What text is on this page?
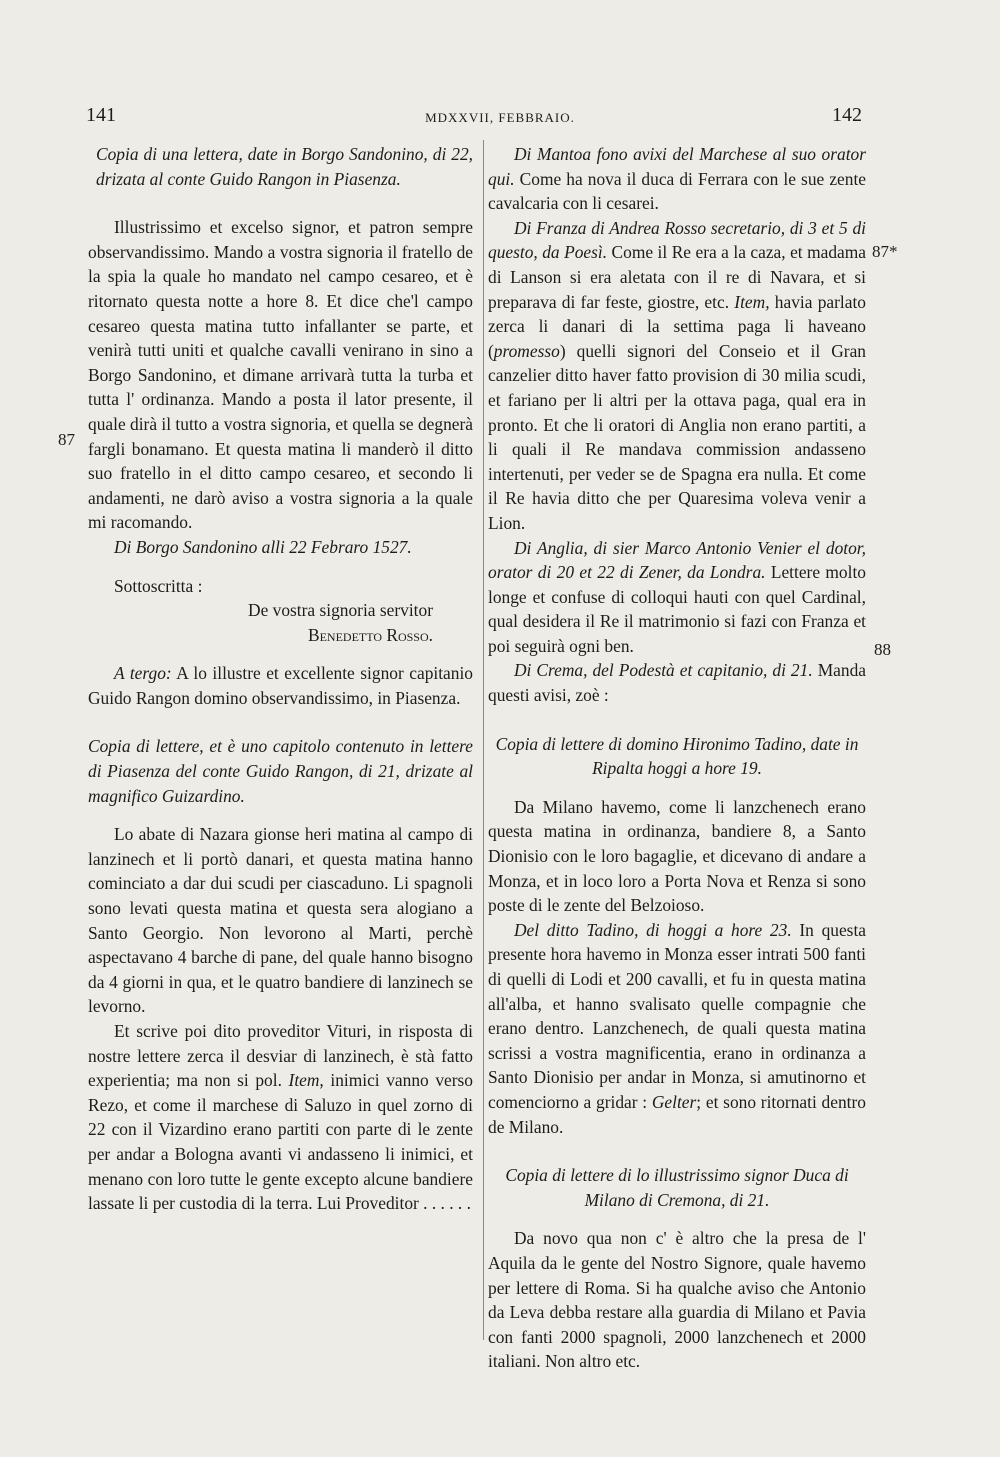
141	MDXXVII, FEBBRAIO.	142
87
87*
88

Copia di una lettera, date in Borgo Sandonino, di 22, drizata al conte Guido Rangon in Piasenza.

Illustrissimo et excelso signor, et patron sempre observandissimo. Mando a vostra signoria il fratello de la spia la quale ho mandato nel campo cesareo, et è ritornato questa notte a hore 8. Et dice che'l campo cesareo questa matina tutto infallanter se parte, et venirà tutti uniti et qualche cavalli venirano in sino a Borgo Sandonino, et dimane arrivarà tutta la turba et tutta l' ordinanza. Mando a posta il lator presente, il quale dirà il tutto a vostra signoria, et quella se degnerà fargli bonamano. Et questa matina li manderò il ditto suo fratello in el ditto campo cesareo, et secondo li andamenti, ne darò aviso a vostra signoria a la quale mi racomando.

Di Borgo Sandonino alli 22 Febraro 1527.

Sottoscritta :

De vostra signoria servitor

Benedetto Rosso.

A tergo: A lo illustre et excellente signor capitanio Guido Rangon domino observandissimo, in Piasenza.

Copia di lettere, et è uno capitolo contenuto in lettere di Piasenza del conte Guido Rangon, di 21, drizate al magnifico Guizardino.

Lo abate di Nazara gionse heri matina al campo di lanzinech et li portò danari, et questa matina hanno cominciato a dar dui scudi per ciascaduno. Li spagnoli sono levati questa matina et questa sera alogiano a Santo Georgio. Non levorono al Marti, perchè aspectavano 4 barche di pane, del quale hanno bisogno da 4 giorni in qua, et le quatro bandiere di lanzinech se levorno.

Et scrive poi dito proveditor Vituri, in risposta di nostre lettere zerca il desviar di lanzinech, è stà fatto experientia; ma non si pol. Item, inimici vanno verso Rezo, et come il marchese di Saluzo in quel zorno di 22 con il Vizardino erano partiti con parte di le zente per andar a Bologna avanti vi andasseno li inimici, et menano con loro tutte le gente excepto alcune bandiere lassate li per custodia di la terra. Lui Proveditor . . . . . .

Di Mantoa fono avixi del Marchese al suo orator qui. Come ha nova il duca di Ferrara con le sue zente cavalcaria con li cesarei.

Di Franza di Andrea Rosso secretario, di 3 et 5 di questo, da Poesì. Come il Re era a la caza, et madama di Lanson si era aletata con il re di Navara, et si preparava di far feste, giostre, etc. Item, havia parlato zerca li danari di la settima paga li haveano (promesso) quelli signori del Conseio et il Gran canzelier ditto haver fatto provision di 30 milia scudi, et fariano per li altri per la ottava paga, qual era in pronto. Et che li oratori di Anglia non erano partiti, a li quali il Re mandava commission andasseno intertenuti, per veder se de Spagna era nulla. Et come il Re havia ditto che per Quaresima voleva venir a Lion.

Di Anglia, di sier Marco Antonio Venier el dotor, orator di 20 et 22 di Zener, da Londra. Lettere molto longe et confuse di colloqui hauti con quel Cardinal, qual desidera il Re il matrimonio si fazi con Franza et poi seguirà ogni ben.

Di Crema, del Podestà et capitanio, di 21. Manda questi avisi, zoè :

Copia di lettere di domino Hironimo Tadino, date in Ripalta hoggi a hore 19.

Da Milano havemo, come li lanzchenech erano questa matina in ordinanza, bandiere 8, a Santo Dionisio con le loro bagaglie, et dicevano di andare a Monza, et in loco loro a Porta Nova et Renza si sono poste di le zente del Belzoioso.

Del ditto Tadino, di hoggi a hore 23. In questa presente hora havemo in Monza esser intrati 500 fanti di quelli di Lodi et 200 cavalli, et fu in questa matina all'alba, et hanno svalisato quelle compagnie che erano dentro. Lanzchenech, de quali questa matina scrissi a vostra magnificentia, erano in ordinanza a Santo Dionisio per andar in Monza, si amutinorno et comenciorno a gridar : Gelter; et sono ritornati dentro de Milano.

Copia di lettere di lo illustrissimo signor Duca di Milano di Cremona, di 21.

Da novo qua non c' è altro che la presa de l' Aquila da le gente del Nostro Signore, quale havemo per lettere di Roma. Si ha qualche aviso che Antonio da Leva debba restare alla guardia di Milano et Pavia con fanti 2000 spagnoli, 2000 lanzchenech et 2000 italiani. Non altro etc.
